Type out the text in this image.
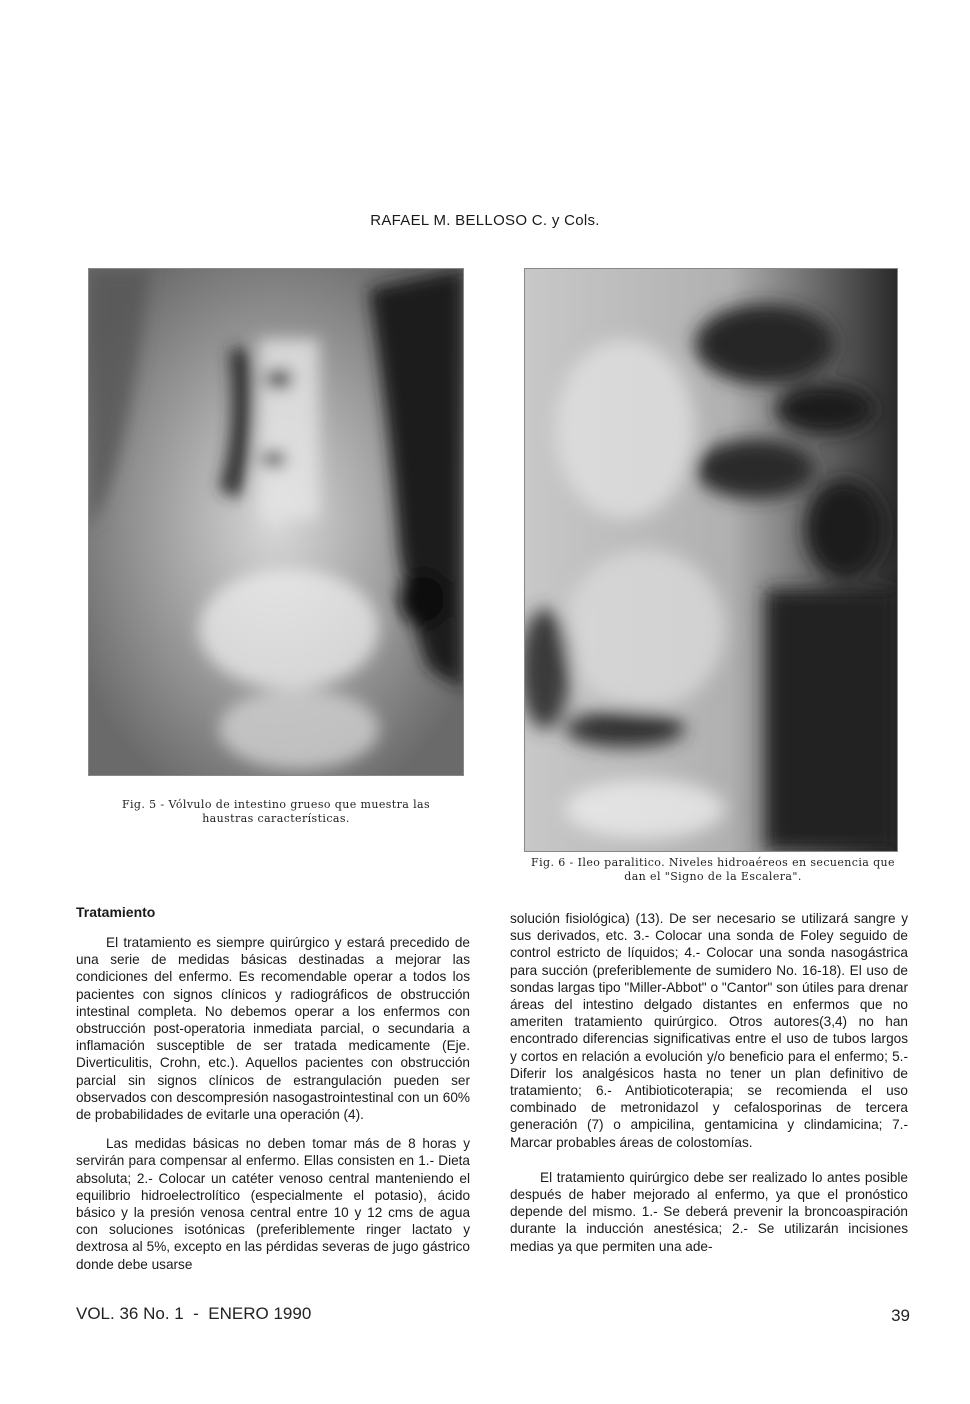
RAFAEL M. BELLOSO C. y Cols.
Fig. 5 - Vólvulo de intestino grueso que muestra las haustras características.
Fig. 6 - Ileo paralitico. Niveles hidroaéreos en secuencia que dan el "Signo de la Escalera".
Tratamiento

El tratamiento es siempre quirúrgico y estará precedido de una serie de medidas básicas destinadas a mejorar las condiciones del enfermo. Es recomendable operar a todos los pacientes con signos clínicos y radiográficos de obstrucción intestinal completa. No debemos operar a los enfermos con obstrucción post-operatoria inmediata parcial, o secundaria a inflamación susceptible de ser tratada medicamente (Eje. Diverticulitis, Crohn, etc.). Aquellos pacientes con obstrucción parcial sin signos clínicos de estrangulación pueden ser observados con descompresión nasogastrointestinal con un 60% de probabilidades de evitarle una operación (4).

Las medidas básicas no deben tomar más de 8 horas y servirán para compensar al enfermo. Ellas consisten en 1.- Dieta absoluta; 2.- Colocar un catéter venoso central manteniendo el equilibrio hidroelectrolítico (especialmente el potasio), ácido básico y la presión venosa central entre 10 y 12 cms de agua con soluciones isotónicas (preferiblemente ringer lactato y dextrosa al 5%, excepto en las pérdidas severas de jugo gástrico donde debe usarse

solución fisiológica) (13). De ser necesario se utilizará sangre y sus derivados, etc. 3.- Colocar una sonda de Foley seguido de control estricto de líquidos; 4.- Colocar una sonda nasogástrica para succión (preferiblemente de sumidero No. 16-18). El uso de sondas largas tipo "Miller-Abbot" o "Cantor" son útiles para drenar áreas del intestino delgado distantes en enfermos que no ameriten tratamiento quirúrgico. Otros autores(3,4) no han encontrado diferencias significativas entre el uso de tubos largos y cortos en relación a evolución y/o beneficio para el enfermo; 5.- Diferir los analgésicos hasta no tener un plan definitivo de tratamiento; 6.- Antibioticoterapia; se recomienda el uso combinado de metronidazol y cefalosporinas de tercera generación (7) o ampicilina, gentamicina y clindamicina; 7.- Marcar probables áreas de colostomías.

El tratamiento quirúrgico debe ser realizado lo antes posible después de haber mejorado al enfermo, ya que el pronóstico depende del mismo. 1.- Se deberá prevenir la broncoaspiración durante la inducción anestésica; 2.- Se utilizarán incisiones medias ya que permiten una ade-

VOL. 36 No. 1  -  ENERO 1990	39
